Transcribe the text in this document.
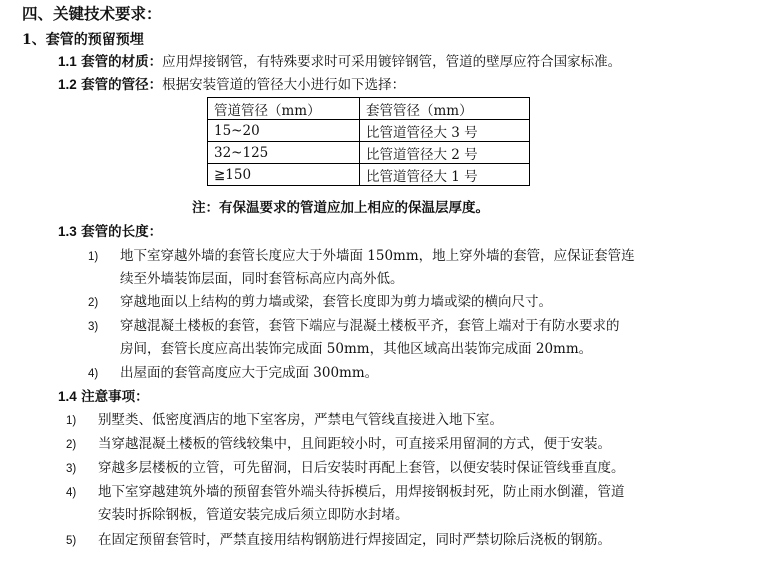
四、关键技术要求：
1、套管的预留预埋
1.1 套管的材质：应用焊接钢管，有特殊要求时可采用镀锌钢管，管道的壁厚应符合国家标准。
1.2 套管的管径：根据安装管道的管径大小进行如下选择：
管道管径（mm）	套管管径（mm）
15~20	比管道管径大 3 号
32~125	比管道管径大 2 号
≧150	比管道管径大 1 号
注：有保温要求的管道应加上相应的保温层厚度。
1.3 套管的长度：
1) 地下室穿越外墙的套管长度应大于外墙面 150mm，地上穿外墙的套管，应保证套管连
续至外墙装饰层面，同时套管标高应内高外低。
2) 穿越地面以上结构的剪力墙或梁，套管长度即为剪力墙或梁的横向尺寸。
3) 穿越混凝土楼板的套管，套管下端应与混凝土楼板平齐，套管上端对于有防水要求的
房间，套管长度应高出装饰完成面 50mm，其他区域高出装饰完成面 20mm。
4) 出屋面的套管高度应大于完成面 300mm。
1.4 注意事项：
1) 别墅类、低密度酒店的地下室客房，严禁电气管线直接进入地下室。
2) 当穿越混凝土楼板的管线较集中，且间距较小时，可直接采用留洞的方式，便于安装。
3) 穿越多层楼板的立管，可先留洞，日后安装时再配上套管，以便安装时保证管线垂直度。
4) 地下室穿越建筑外墙的预留套管外端头待拆模后，用焊接钢板封死，防止雨水倒灌，管道
安装时拆除钢板，管道安装完成后须立即防水封堵。
5) 在固定预留套管时，严禁直接用结构钢筋进行焊接固定，同时严禁切除后浇板的钢筋。
